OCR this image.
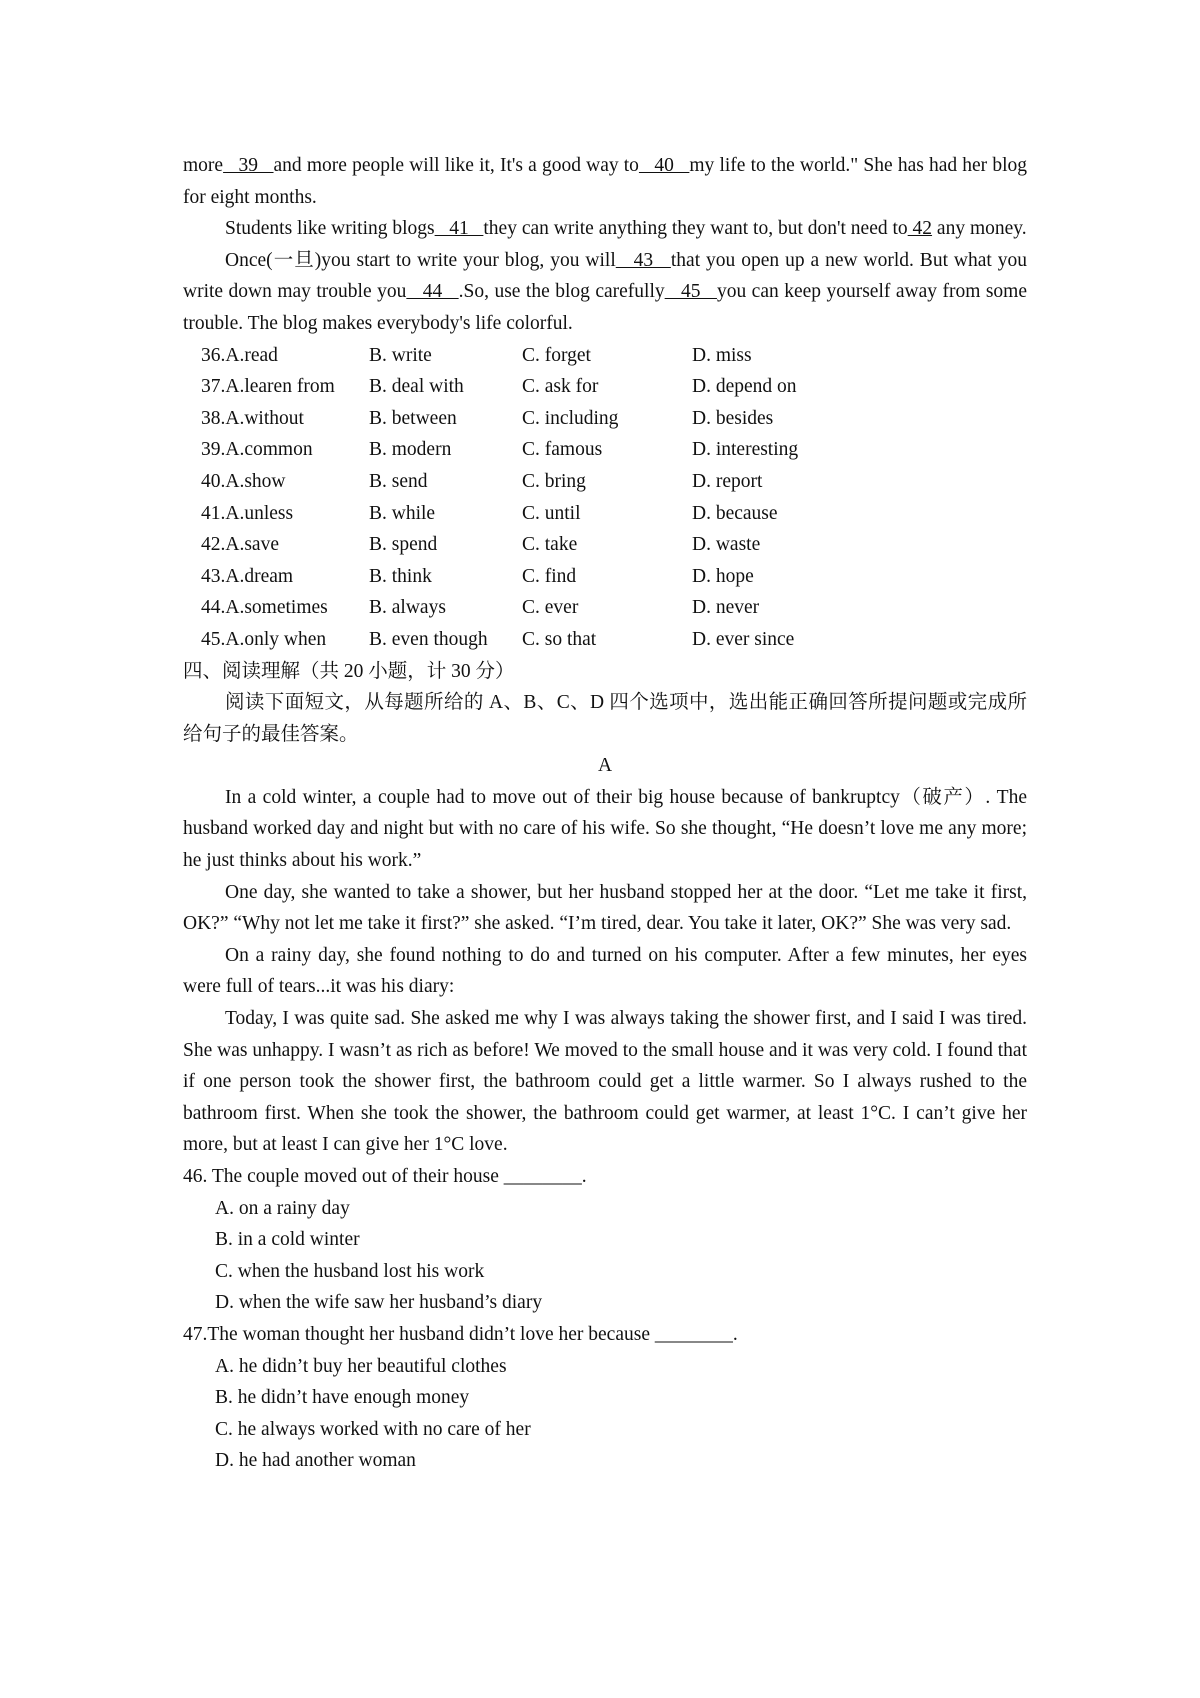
more   39   and more people will like it, It's a good way to   40   my life to the world." She has had her blog for eight months.

Students like writing blogs   41   they can write anything they want to, but don't need to 42 any money.

Once(一旦)you start to write your blog, you will   43   that you open up a new world. But what you write down may trouble you   44   .So, use the blog carefully   45   you can keep yourself away from some trouble. The blog makes everybody's life colorful.

36.A.read	B. write	C. forget	D. miss
37.A.learen from	B. deal with	C. ask for	D. depend on
38.A.without	B. between	C. including	D. besides
39.A.common	B. modern	C. famous	D. interesting
40.A.show	B. send	C. bring	D. report
41.A.unless	B. while	C. until	D. because
42.A.save	B. spend	C. take	D. waste
43.A.dream	B. think	C. find	D. hope
44.A.sometimes	B. always	C. ever	D. never
45.A.only when	B. even though	C. so that	D. ever since

四、阅读理解（共 20 小题，计 30 分）

阅读下面短文，从每题所给的 A、B、C、D 四个选项中，选出能正确回答所提问题或完成所给句子的最佳答案。

A

In a cold winter, a couple had to move out of their big house because of bankruptcy（破产）. The husband worked day and night but with no care of his wife. So she thought, “He doesn’t love me any more; he just thinks about his work.”

One day, she wanted to take a shower, but her husband stopped her at the door. “Let me take it first, OK?” “Why not let me take it first?” she asked. “I’m tired, dear. You take it later, OK?” She was very sad.

On a rainy day, she found nothing to do and turned on his computer. After a few minutes, her eyes were full of tears...it was his diary:

Today, I was quite sad. She asked me why I was always taking the shower first, and I said I was tired. She was unhappy. I wasn’t as rich as before! We moved to the small house and it was very cold. I found that if one person took the shower first, the bathroom could get a little warmer. So I always rushed to the bathroom first. When she took the shower, the bathroom could get warmer, at least 1°C. I can’t give her more, but at least I can give her 1°C love.

46. The couple moved out of their house ________.

A. on a rainy day

B. in a cold winter

C. when the husband lost his work

D. when the wife saw her husband’s diary

47.The woman thought her husband didn’t love her because ________.

A. he didn’t buy her beautiful clothes

B. he didn’t have enough money

C. he always worked with no care of her

D. he had another woman
